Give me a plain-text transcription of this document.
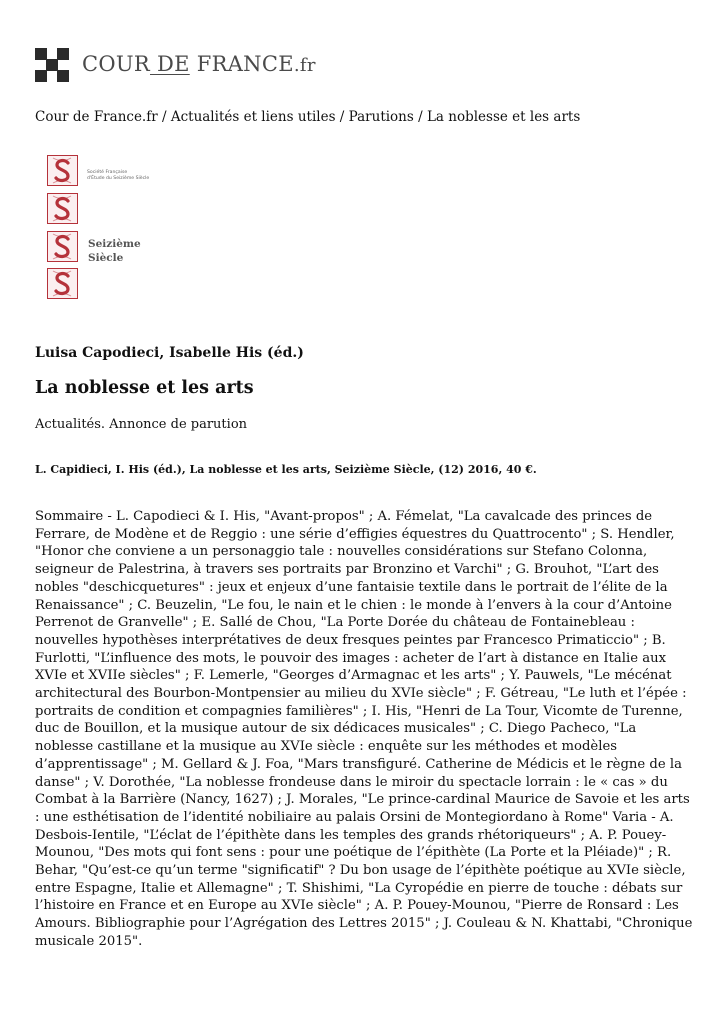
COUR DE FRANCE.fr
Cour de France.fr / Actualités et liens utiles / Parutions / La noblesse et les arts
Société Française
d'Étude du Seizième Siècle
Seizième
Siècle
Luisa Capodieci, Isabelle His (éd.)
La noblesse et les arts
Actualités. Annonce de parution
L. Capidieci, I. His (éd.), La noblesse et les arts, Seizième Siècle, (12) 2016, 40 €.

Sommaire - L. Capodieci & I. His, "Avant-propos" ; A. Fémelat, "La cavalcade des princes de Ferrare, de Modène et de Reggio : une série d’effigies équestres du Quattrocento" ; S. Hendler, "Honor che conviene a un personaggio tale : nouvelles considérations sur Stefano Colonna, seigneur de Palestrina, à travers ses portraits par Bronzino et Varchi" ; G. Brouhot, "L’art des nobles "deschicquetures" : jeux et enjeux d’une fantaisie textile dans le portrait de l’élite de la Renaissance" ; C. Beuzelin, "Le fou, le nain et le chien : le monde à l’envers à la cour d’Antoine Perrenot de Granvelle" ; E. Sallé de Chou, "La Porte Dorée du château de Fontainebleau : nouvelles hypothèses interprétatives de deux fresques peintes par Francesco Primaticcio" ; B. Furlotti, "L’influence des mots, le pouvoir des images : acheter de l’art à distance en Italie aux XVIe et XVIIe siècles" ; F. Lemerle, "Georges d’Armagnac et les arts" ; Y. Pauwels, "Le mécénat architectural des Bourbon-Montpensier au milieu du XVIe siècle" ; F. Gétreau, "Le luth et l’épée : portraits de condition et compagnies familières" ; I. His, "Henri de La Tour, Vicomte de Turenne, duc de Bouillon, et la musique autour de six dédicaces musicales" ; C. Diego Pacheco, "La noblesse castillane et la musique au XVIe siècle : enquête sur les méthodes et modèles d’apprentissage" ; M. Gellard & J. Foa, "Mars transfiguré. Catherine de Médicis et le règne de la danse" ; V. Dorothée, "La noblesse frondeuse dans le miroir du spectacle lorrain : le « cas » du Combat à la Barrière (Nancy, 1627) ; J. Morales, "Le prince-cardinal Maurice de Savoie et les arts : une esthétisation de l’identité nobiliaire au palais Orsini de Montegiordano à Rome" Varia - A. Desbois-Ientile, "L’éclat de l’épithète dans les temples des grands rhétoriqueurs" ; A. P. Pouey-Mounou, "Des mots qui font sens : pour une poétique de l’épithète (La Porte et la Pléiade)" ; R. Behar, "Qu’est-ce qu’un terme "significatif" ? Du bon usage de l’épithète poétique au XVIe siècle, entre Espagne, Italie et Allemagne" ; T. Shishimi, "La Cyropédie en pierre de touche : débats sur l’histoire en France et en Europe au XVIe siècle" ; A. P. Pouey-Mounou, "Pierre de Ronsard : Les Amours. Bibliographie pour l’Agrégation des Lettres 2015" ; J. Couleau & N. Khattabi, "Chronique musicale 2015".
